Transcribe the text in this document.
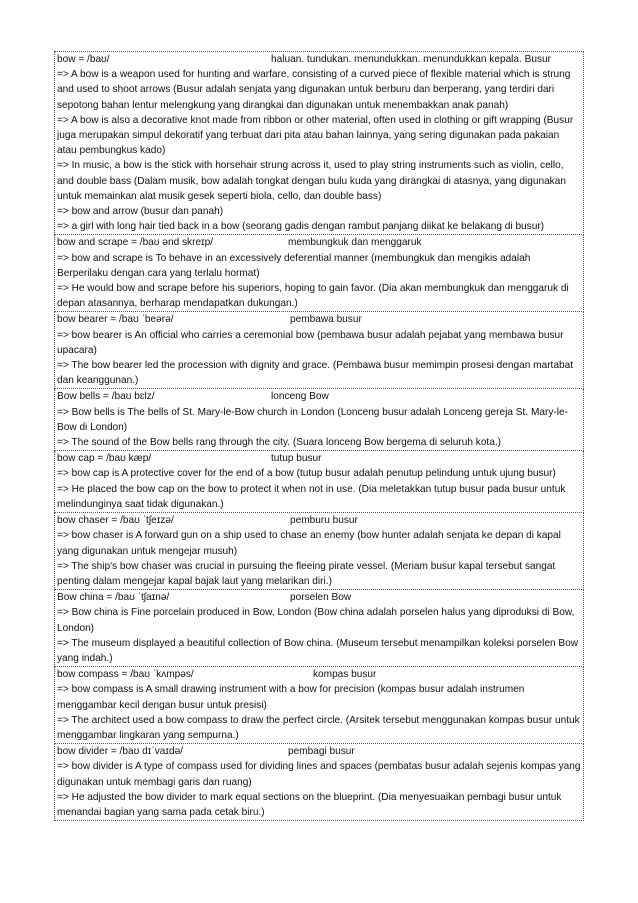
bow = /baʊ/	haluan. tundukan. menundukkan. menundukkan kepala. Busur
=> A bow is a weapon used for hunting and warfare, consisting of a curved piece of flexible material which is strung and used to shoot arrows (Busur adalah senjata yang digunakan untuk berburu dan berperang, yang terdiri dari sepotong bahan lentur melengkung yang dirangkai dan digunakan untuk menembakkan anak panah)
=> A bow is also a decorative knot made from ribbon or other material, often used in clothing or gift wrapping (Busur juga merupakan simpul dekoratif yang terbuat dari pita atau bahan lainnya, yang sering digunakan pada pakaian atau pembungkus kado)
=> In music, a bow is the stick with horsehair strung across it, used to play string instruments such as violin, cello, and double bass (Dalam musik, bow adalah tongkat dengan bulu kuda yang dirangkai di atasnya, yang digunakan untuk memainkan alat musik gesek seperti biola, cello, dan double bass)
=> bow and arrow (busur dan panah)
=> a girl with long hair tied back in a bow (seorang gadis dengan rambut panjang diikat ke belakang di busur)
bow and scrape = /baʊ ənd skreɪp/	membungkuk dan menggaruk
=> bow and scrape is To behave in an excessively deferential manner (membungkuk dan mengikis adalah Berperilaku dengan cara yang terlalu hormat)
=> He would bow and scrape before his superiors, hoping to gain favor. (Dia akan membungkuk dan menggaruk di depan atasannya, berharap mendapatkan dukungan.)
bow bearer = /baʊ ˈbeərə/	pembawa busur
=> bow bearer is An official who carries a ceremonial bow (pembawa busur adalah pejabat yang membawa busur upacara)
=> The bow bearer led the procession with dignity and grace. (Pembawa busur memimpin prosesi dengan martabat dan keanggunan.)
Bow bells = /baʊ bɛlz/	lonceng Bow
=> Bow bells is The bells of St. Mary-le-Bow church in London (Lonceng busur adalah Lonceng gereja St. Mary-le-Bow di London)
=> The sound of the Bow bells rang through the city. (Suara lonceng Bow bergema di seluruh kota.)
bow cap = /baʊ kæp/	tutup busur
=> bow cap is A protective cover for the end of a bow (tutup busur adalah penutup pelindung untuk ujung busur)
=> He placed the bow cap on the bow to protect it when not in use. (Dia meletakkan tutup busur pada busur untuk melindunginya saat tidak digunakan.)
bow chaser = /baʊ ˈtʃeɪzə/	pemburu busur
=> bow chaser is A forward gun on a ship used to chase an enemy (bow hunter adalah senjata ke depan di kapal yang digunakan untuk mengejar musuh)
=> The ship's bow chaser was crucial in pursuing the fleeing pirate vessel. (Meriam busur kapal tersebut sangat penting dalam mengejar kapal bajak laut yang melarikan diri.)
Bow china = /baʊ ˈtʃaɪnə/	porselen Bow
=> Bow china is Fine porcelain produced in Bow, London (Bow china adalah porselen halus yang diproduksi di Bow, London)
=> The museum displayed a beautiful collection of Bow china. (Museum tersebut menampilkan koleksi porselen Bow yang indah.)
bow compass = /baʊ ˈkʌmpəs/	kompas busur
=> bow compass is A small drawing instrument with a bow for precision (kompas busur adalah instrumen menggambar kecil dengan busur untuk presisi)
=> The architect used a bow compass to draw the perfect circle. (Arsitek tersebut menggunakan kompas busur untuk menggambar lingkaran yang sempurna.)
bow divider = /baʊ dɪˈvaɪdə/	pembagi busur
=> bow divider is A type of compass used for dividing lines and spaces (pembatas busur adalah sejenis kompas yang digunakan untuk membagi garis dan ruang)
=> He adjusted the bow divider to mark equal sections on the blueprint. (Dia menyesuaikan pembagi busur untuk menandai bagian yang sama pada cetak biru.)
